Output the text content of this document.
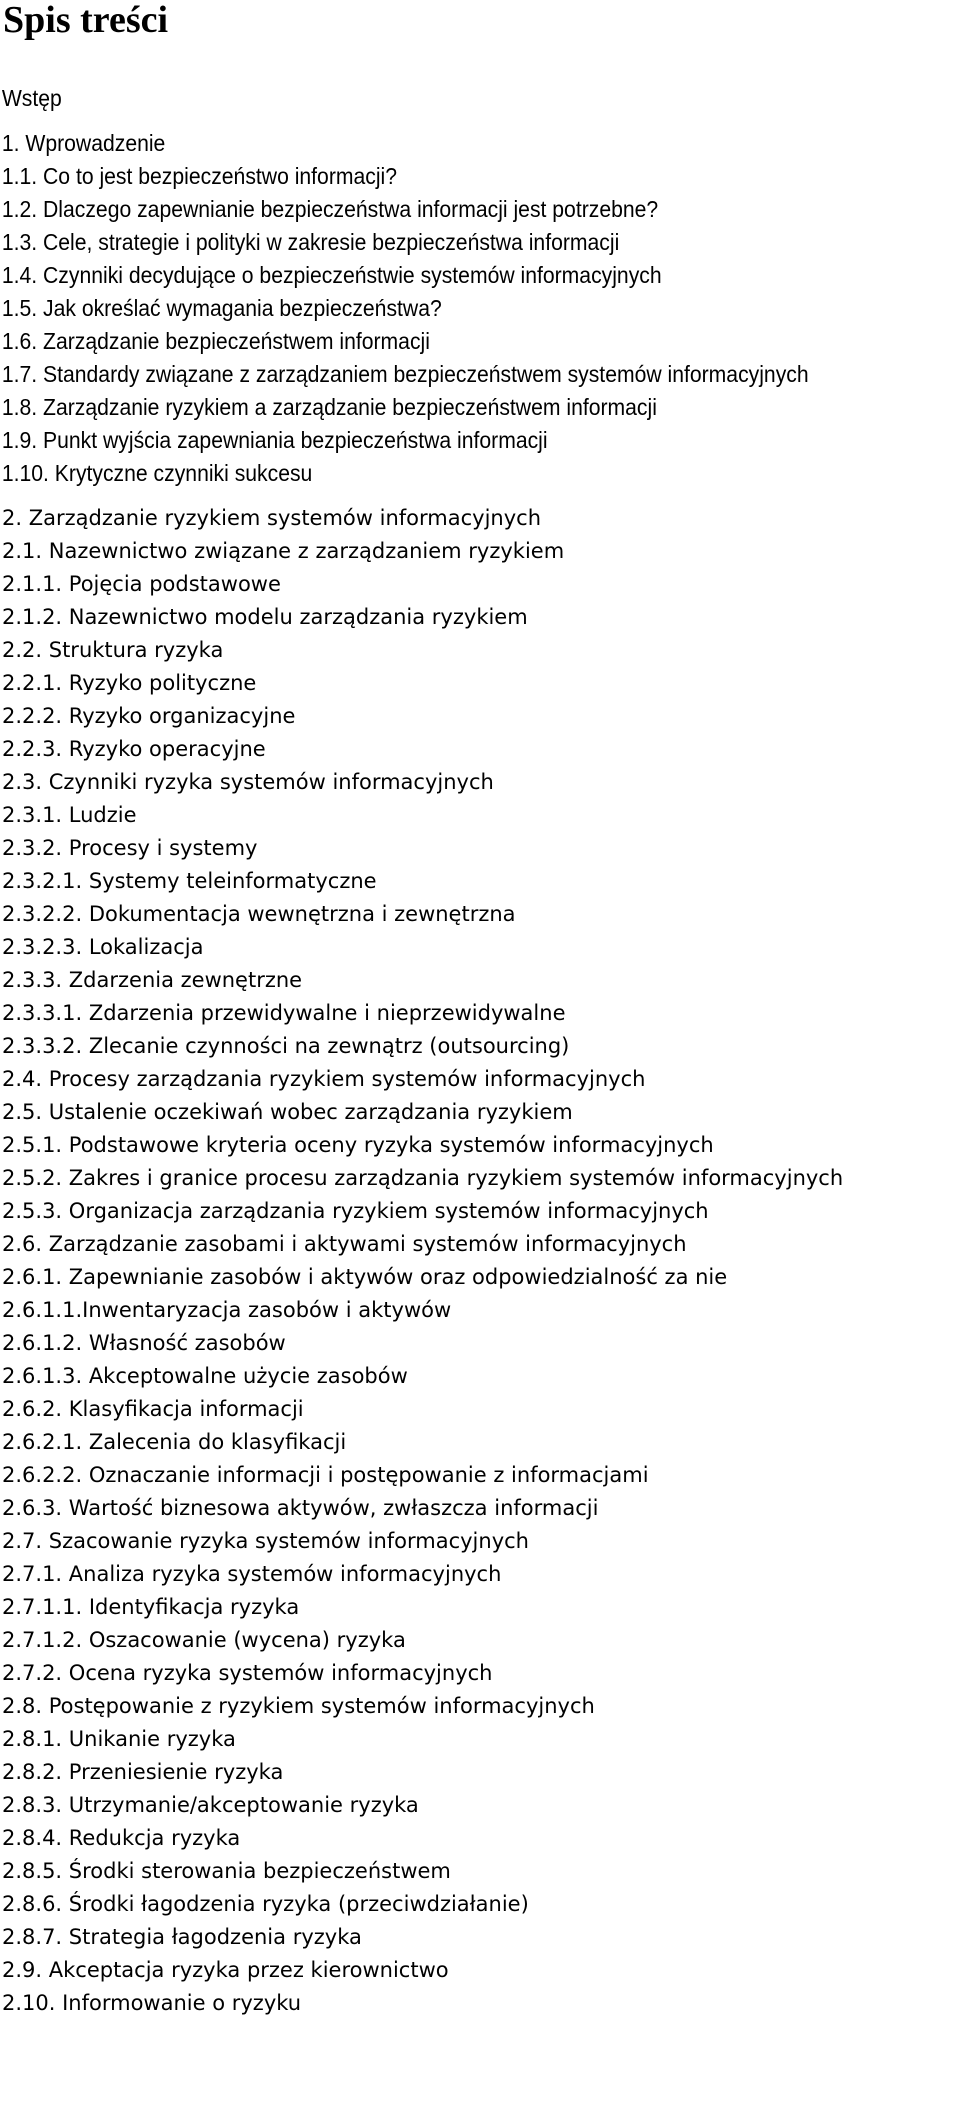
Spis treści
Wstęp
1. Wprowadzenie
1.1. Co to jest bezpieczeństwo informacji?
1.2. Dlaczego zapewnianie bezpieczeństwa informacji jest potrzebne?
1.3. Cele, strategie i polityki w zakresie bezpieczeństwa informacji
1.4. Czynniki decydujące o bezpieczeństwie systemów informacyjnych
1.5. Jak określać wymagania bezpieczeństwa?
1.6. Zarządzanie bezpieczeństwem informacji
1.7. Standardy związane z zarządzaniem bezpieczeństwem systemów informacyjnych
1.8. Zarządzanie ryzykiem a zarządzanie bezpieczeństwem informacji
1.9. Punkt wyjścia zapewniania bezpieczeństwa informacji
1.10. Krytyczne czynniki sukcesu
2. Zarządzanie ryzykiem systemów informacyjnych
2.1. Nazewnictwo związane z zarządzaniem ryzykiem
2.1.1. Pojęcia podstawowe
2.1.2. Nazewnictwo modelu zarządzania ryzykiem
2.2. Struktura ryzyka
2.2.1. Ryzyko polityczne
2.2.2. Ryzyko organizacyjne
2.2.3. Ryzyko operacyjne
2.3. Czynniki ryzyka systemów informacyjnych
2.3.1. Ludzie
2.3.2. Procesy i systemy
2.3.2.1. Systemy teleinformatyczne
2.3.2.2. Dokumentacja wewnętrzna i zewnętrzna
2.3.2.3. Lokalizacja
2.3.3. Zdarzenia zewnętrzne
2.3.3.1. Zdarzenia przewidywalne i nieprzewidywalne
2.3.3.2. Zlecanie czynności na zewnątrz (outsourcing)
2.4. Procesy zarządzania ryzykiem systemów informacyjnych
2.5. Ustalenie oczekiwań wobec zarządzania ryzykiem
2.5.1. Podstawowe kryteria oceny ryzyka systemów informacyjnych
2.5.2. Zakres i granice procesu zarządzania ryzykiem systemów informacyjnych
2.5.3. Organizacja zarządzania ryzykiem systemów informacyjnych
2.6. Zarządzanie zasobami i aktywami systemów informacyjnych
2.6.1. Zapewnianie zasobów i aktywów oraz odpowiedzialność za nie
2.6.1.1.Inwentaryzacja zasobów i aktywów
2.6.1.2. Własność zasobów
2.6.1.3. Akceptowalne użycie zasobów
2.6.2. Klasyfikacja informacji
2.6.2.1. Zalecenia do klasyfikacji
2.6.2.2. Oznaczanie informacji i postępowanie z informacjami
2.6.3. Wartość biznesowa aktywów, zwłaszcza informacji
2.7. Szacowanie ryzyka systemów informacyjnych
2.7.1. Analiza ryzyka systemów informacyjnych
2.7.1.1. Identyfikacja ryzyka
2.7.1.2. Oszacowanie (wycena) ryzyka
2.7.2. Ocena ryzyka systemów informacyjnych
2.8. Postępowanie z ryzykiem systemów informacyjnych
2.8.1. Unikanie ryzyka
2.8.2. Przeniesienie ryzyka
2.8.3. Utrzymanie/akceptowanie ryzyka
2.8.4. Redukcja ryzyka
2.8.5. Środki sterowania bezpieczeństwem
2.8.6. Środki łagodzenia ryzyka (przeciwdziałanie)
2.8.7. Strategia łagodzenia ryzyka
2.9. Akceptacja ryzyka przez kierownictwo
2.10. Informowanie o ryzyku
